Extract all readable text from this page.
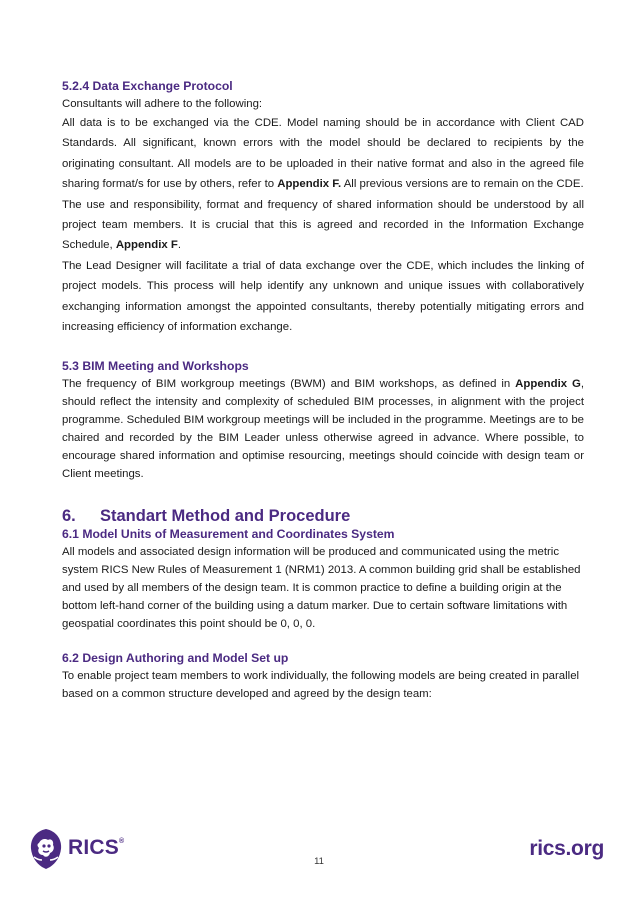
5.2.4 Data Exchange Protocol

Consultants will adhere to the following:

All data is to be exchanged via the CDE. Model naming should be in accordance with Client CAD Standards. All significant, known errors with the model should be declared to recipients by the originating consultant. All models are to be uploaded in their native format and also in the agreed file sharing format/s for use by others, refer to Appendix F. All previous versions are to remain on the CDE.

The use and responsibility, format and frequency of shared information should be understood by all project team members. It is crucial that this is agreed and recorded in the Information Exchange Schedule, Appendix F.

The Lead Designer will facilitate a trial of data exchange over the CDE, which includes the linking of project models. This process will help identify any unknown and unique issues with collaboratively exchanging information amongst the appointed consultants, thereby potentially mitigating errors and increasing efficiency of information exchange.

5.3 BIM Meeting and Workshops

The frequency of BIM workgroup meetings (BWM) and BIM workshops, as defined in Appendix G, should reflect the intensity and complexity of scheduled BIM processes, in alignment with the project programme. Scheduled BIM workgroup meetings will be included in the programme. Meetings are to be chaired and recorded by the BIM Leader unless otherwise agreed in advance. Where possible, to encourage shared information and optimise resourcing, meetings should coincide with design team or Client meetings.

6. Standart Method and Procedure
6.1 Model Units of Measurement and Coordinates System

All models and associated design information will be produced and communicated using the metric system RICS New Rules of Measurement 1 (NRM1) 2013. A common building grid shall be established and used by all members of the design team. It is common practice to define a building origin at the bottom left-hand corner of the building using a datum marker. Due to certain software limitations with geospatial coordinates this point should be 0, 0, 0.

6.2 Design Authoring and Model Set up

To enable project team members to work individually, the following models are being created in parallel based on a common structure developed and agreed by the design team:

RICS®
11
rics.org
